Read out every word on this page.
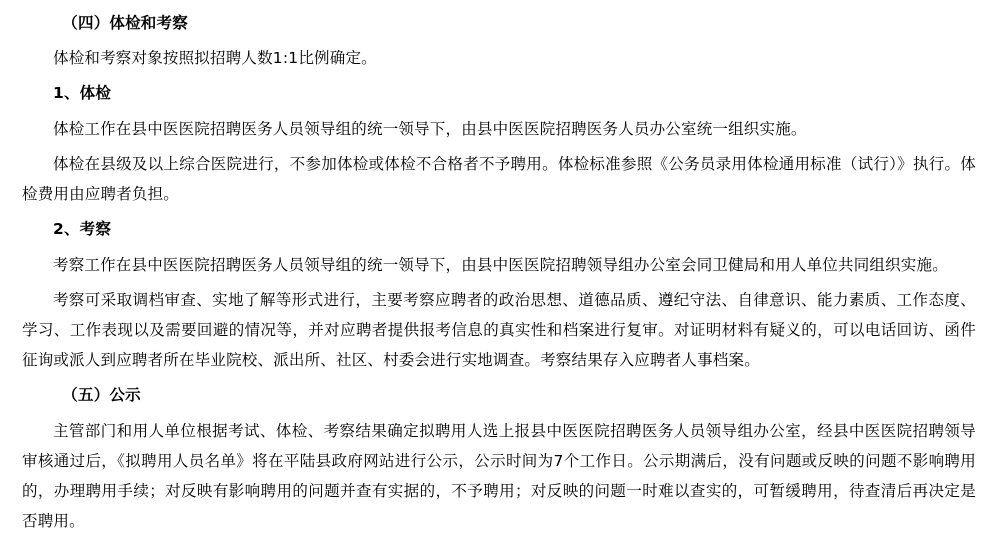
（四）体检和考察

体检和考察对象按照拟招聘人数1:1比例确定。

1、体检

体检工作在县中医医院招聘医务人员领导组的统一领导下，由县中医医院招聘医务人员办公室统一组织实施。

体检在县级及以上综合医院进行，不参加体检或体检不合格者不予聘用。体检标准参照《公务员录用体检通用标准（试行）》执行。体检费用由应聘者负担。

2、考察

考察工作在县中医医院招聘医务人员领导组的统一领导下，由县中医医院招聘领导组办公室会同卫健局和用人单位共同组织实施。

考察可采取调档审查、实地了解等形式进行，主要考察应聘者的政治思想、道德品质、遵纪守法、自律意识、能力素质、工作态度、学习、工作表现以及需要回避的情况等，并对应聘者提供报考信息的真实性和档案进行复审。对证明材料有疑义的，可以电话回访、函件征询或派人到应聘者所在毕业院校、派出所、社区、村委会进行实地调查。考察结果存入应聘者人事档案。

（五）公示

主管部门和用人单位根据考试、体检、考察结果确定拟聘用人选上报县中医医院招聘医务人员领导组办公室，经县中医医院招聘领导审核通过后，《拟聘用人员名单》将在平陆县政府网站进行公示，公示时间为7个工作日。公示期满后，没有问题或反映的问题不影响聘用的，办理聘用手续；对反映有影响聘用的问题并查有实据的，不予聘用；对反映的问题一时难以查实的，可暂缓聘用，待查清后再决定是否聘用。
